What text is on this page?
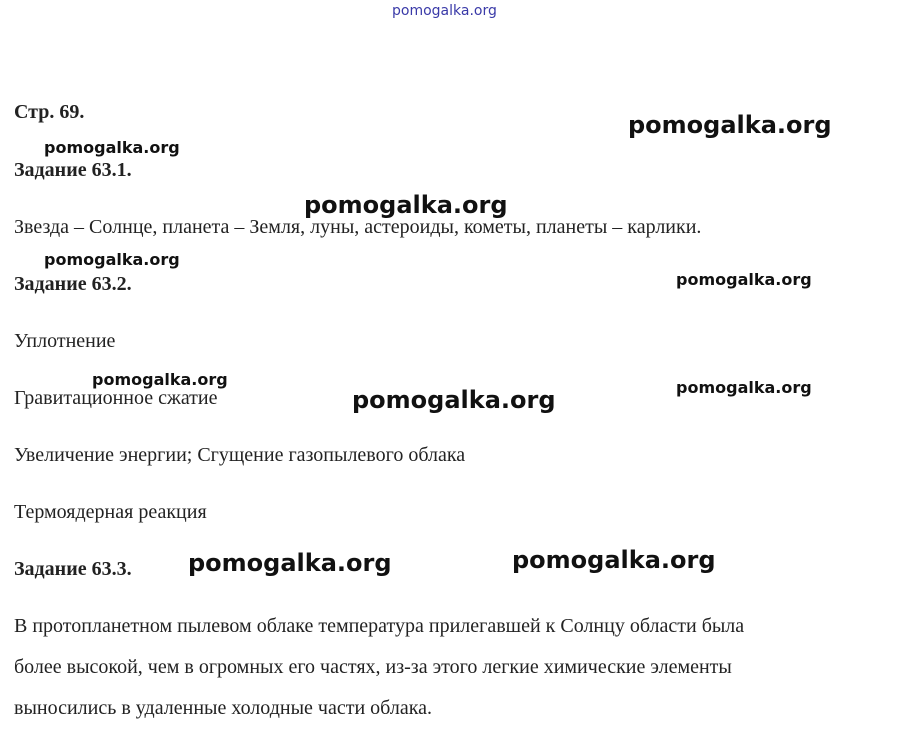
pomogalka.org
Стр. 69.
Задание 63.1.
Звезда – Солнце, планета – Земля, луны, астероиды, кометы, планеты – карлики.
Задание 63.2.
Уплотнение
Гравитационное сжатие
Увеличение энергии; Сгущение газопылевого облака
Термоядерная реакция
Задание 63.3.
В протопланетном пылевом облаке температура прилегавшей к Солнцу области была
более высокой, чем в огромных его частях, из-за этого легкие химические элементы
выносились в удаленные холодные части облака.
pomogalka.org
pomogalka.org
pomogalka.org
pomogalka.org
pomogalka.org
pomogalka.org	pomogalka.org
pomogalka.org
pomogalka.org	pomogalka.org
